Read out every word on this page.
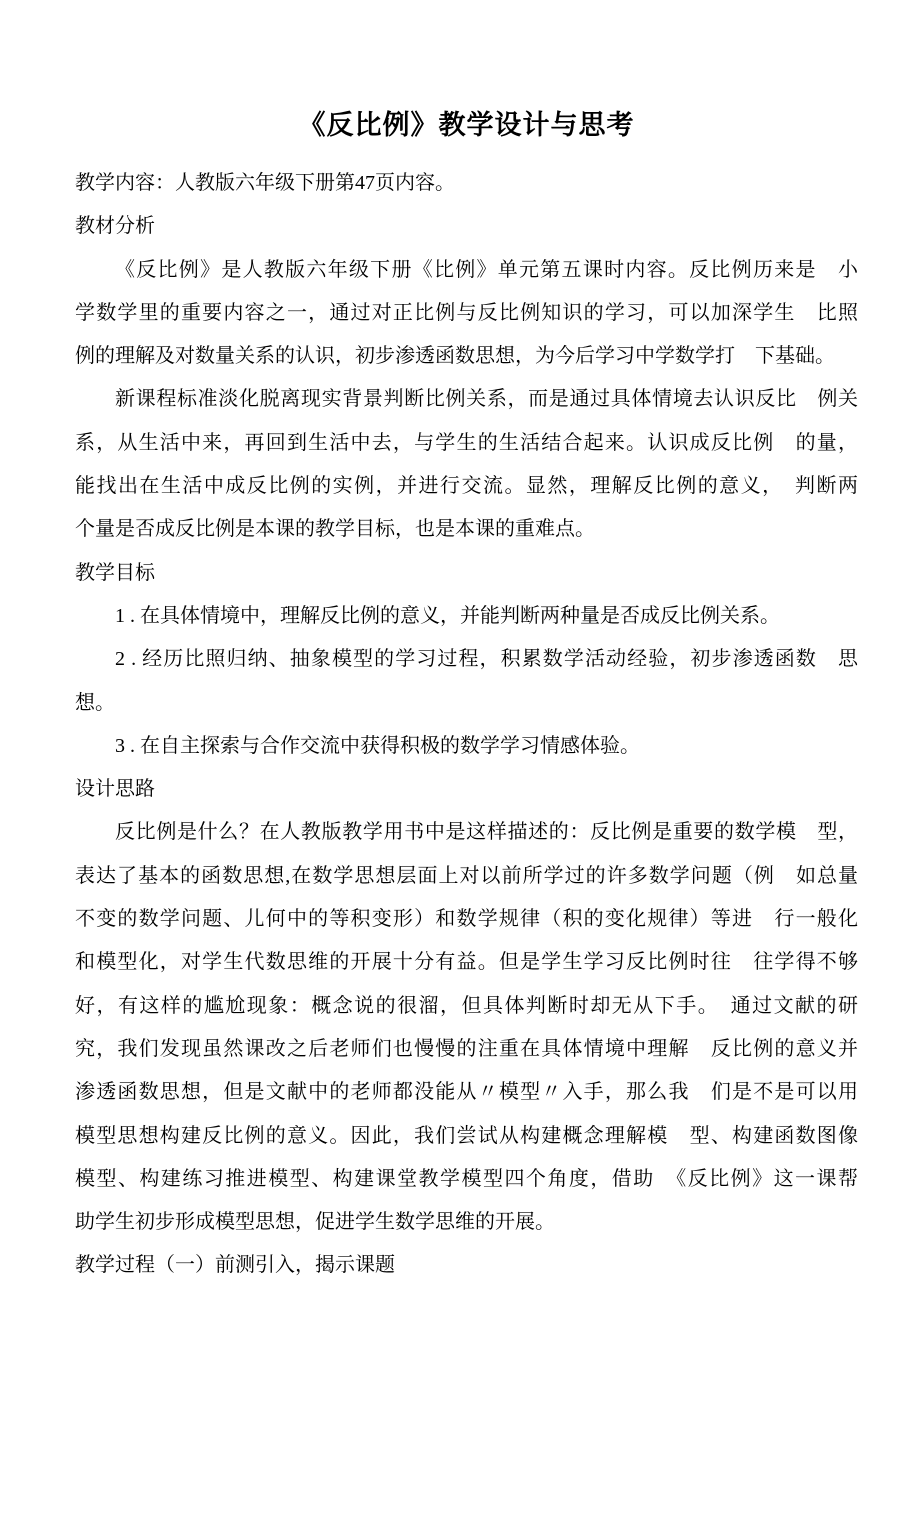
《反比例》教学设计与思考
教学内容：人教版六年级下册第47页内容。
教材分析
《反比例》是人教版六年级下册《比例》单元第五课时内容。反比例历来是　小
学数学里的重要内容之一，通过对正比例与反比例知识的学习，可以加深学生　比照
例的理解及对数量关系的认识，初步渗透函数思想，为今后学习中学数学打　下基础。
新课程标准淡化脱离现实背景判断比例关系，而是通过具体情境去认识反比　例关
系，从生活中来，再回到生活中去，与学生的生活结合起来。认识成反比例　的量，
能找出在生活中成反比例的实例，并进行交流。显然，理解反比例的意义，　判断两
个量是否成反比例是本课的教学目标，也是本课的重难点。
教学目标
1 . 在具体情境中，理解反比例的意义，并能判断两种量是否成反比例关系。
2 . 经历比照归纳、抽象模型的学习过程，积累数学活动经验，初步渗透函数　思
想。
3 . 在自主探索与合作交流中获得积极的数学学习情感体验。
设计思路
反比例是什么？在人教版教学用书中是这样描述的：反比例是重要的数学模　型，
表达了基本的函数思想,在数学思想层面上对以前所学过的许多数学问题（例　如总量
不变的数学问题、儿何中的等积变形）和数学规律（积的变化规律）等进　行一般化
和模型化，对学生代数思维的开展十分有益。但是学生学习反比例时往　往学得不够
好，有这样的尴尬现象：概念说的很溜，但具体判断时却无从下手。　通过文献的研
究，我们发现虽然课改之后老师们也慢慢的注重在具体情境中理解　反比例的意义并
渗透函数思想，但是文献中的老师都没能从〃模型〃入手，那么我　们是不是可以用
模型思想构建反比例的意义。因此，我们尝试从构建概念理解模　型、构建函数图像
模型、构建练习推进模型、构建课堂教学模型四个角度，借助　《反比例》这一课帮
助学生初步形成模型思想，促进学生数学思维的开展。
教学过程（一）前测引入，揭示课题
